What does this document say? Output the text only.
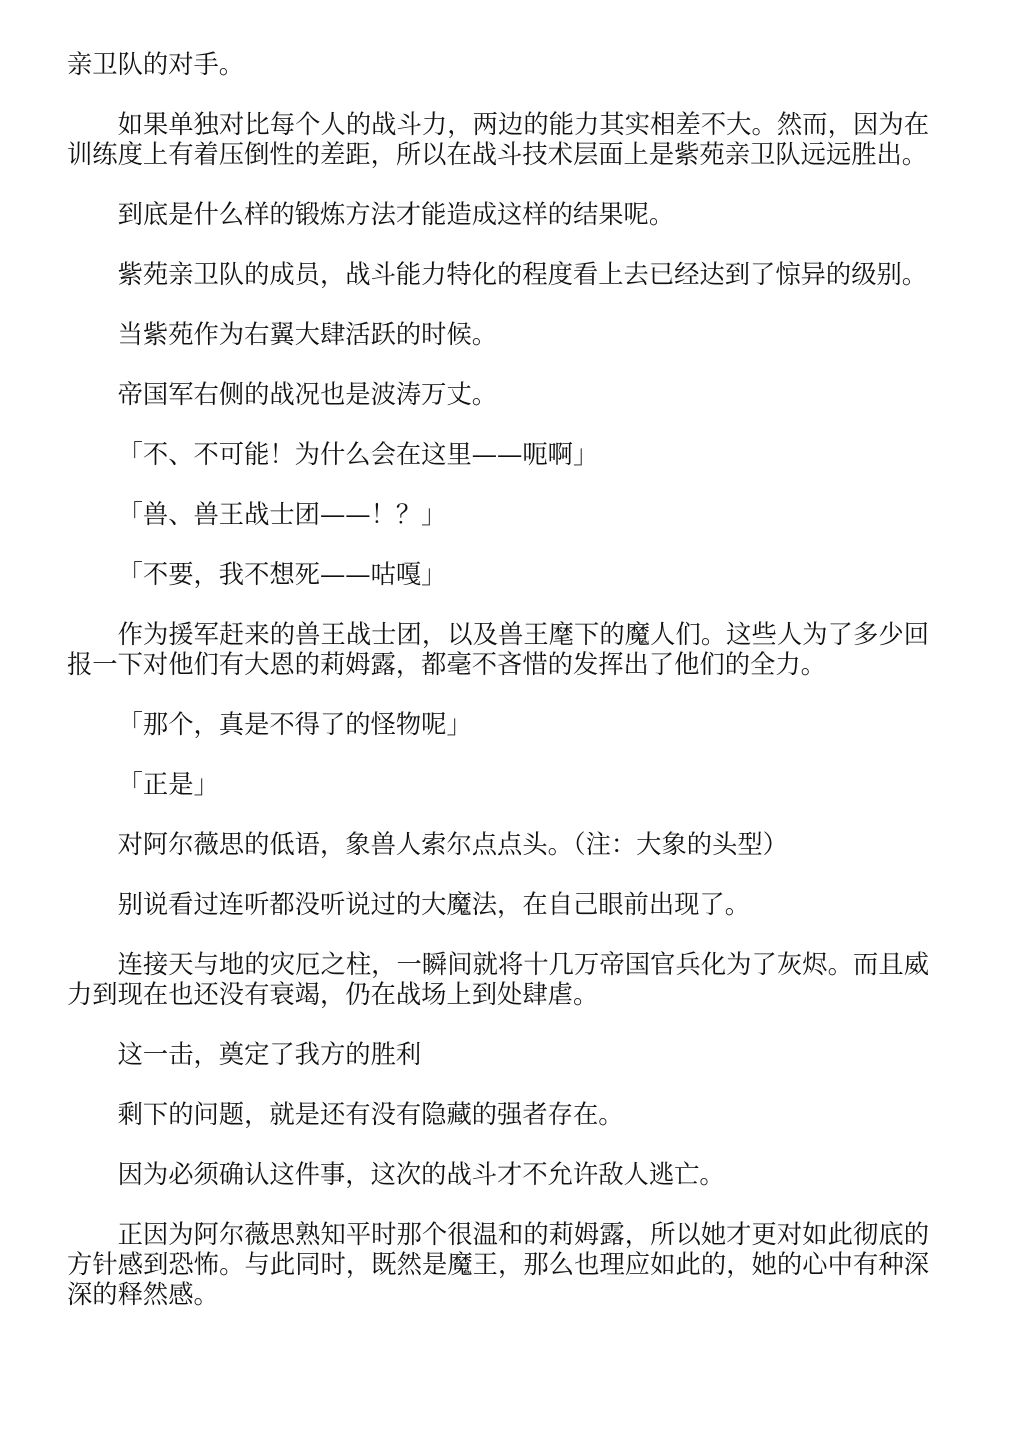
亲卫队的对手。

如果单独对比每个人的战斗力，两边的能力其实相差不大。然而，因为在训练度上有着压倒性的差距，所以在战斗技术层面上是紫苑亲卫队远远胜出。

到底是什么样的锻炼方法才能造成这样的结果呢。

紫苑亲卫队的成员，战斗能力特化的程度看上去已经达到了惊异的级别。

当紫苑作为右翼大肆活跃的时候。

帝国军右侧的战况也是波涛万丈。

「不、不可能！为什么会在这里——呃啊」

「兽、兽王战士团——！？」

「不要，我不想死——咕嘎」

作为援军赶来的兽王战士团，以及兽王麾下的魔人们。这些人为了多少回报一下对他们有大恩的莉姆露，都毫不吝惜的发挥出了他们的全力。

「那个，真是不得了的怪物呢」

「正是」

对阿尔薇思的低语，象兽人索尔点点头。（注：大象的头型）

别说看过连听都没听说过的大魔法，在自己眼前出现了。

连接天与地的灾厄之柱，一瞬间就将十几万帝国官兵化为了灰烬。而且威力到现在也还没有衰竭，仍在战场上到处肆虐。

这一击，奠定了我方的胜利

剩下的问题，就是还有没有隐藏的强者存在。

因为必须确认这件事，这次的战斗才不允许敌人逃亡。

正因为阿尔薇思熟知平时那个很温和的莉姆露，所以她才更对如此彻底的方针感到恐怖。与此同时，既然是魔王，那么也理应如此的，她的心中有种深深的释然感。
